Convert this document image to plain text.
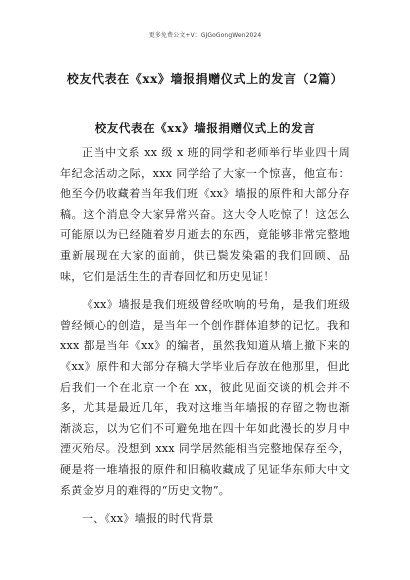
更多免费公文+V：GJGoGongWen2024
校友代表在《xx》墙报捐赠仪式上的发言（2篇）
校友代表在《xx》墙报捐赠仪式上的发言

正当中文系 xx 级 x 班的同学和老师举行毕业四十周年纪念活动之际，xxx 同学给了大家一个惊喜，他宣布：他至今仍收藏着当年我们班《xx》墙报的原件和大部分存稿。这个消息令大家异常兴奋。这大令人吃惊了！这怎么可能原以为已经随着岁月逝去的东西，竟能够非常完整地重新展现在大家的面前，供已鬓发染霜的我们回顾、品味，它们是活生生的青春回忆和历史见证！

《xx》墙报是我们班级曾经吹响的号角，是我们班级曾经倾心的创造，是当年一个创作群体追梦的记忆。我和 xxx 都是当年《xx》的编者，虽然我知道从墙上撤下来的《xx》原件和大部分存稿大学毕业后存放在他那里，但此后我们一个在北京一个在 xx，彼此见面交谈的机会并不多，尤其是最近几年，我对这堆当年墙报的存留之物也渐渐淡忘，以为它们不可避免地在四十年如此漫长的岁月中湮灭殆尽。没想到 xxx 同学居然能相当完整地保存至今，硬是将一堆墙报的原件和旧稿收藏成了见证华东师大中文系黄金岁月的难得的“历史文物”。

一、《xx》墙报的时代背景
